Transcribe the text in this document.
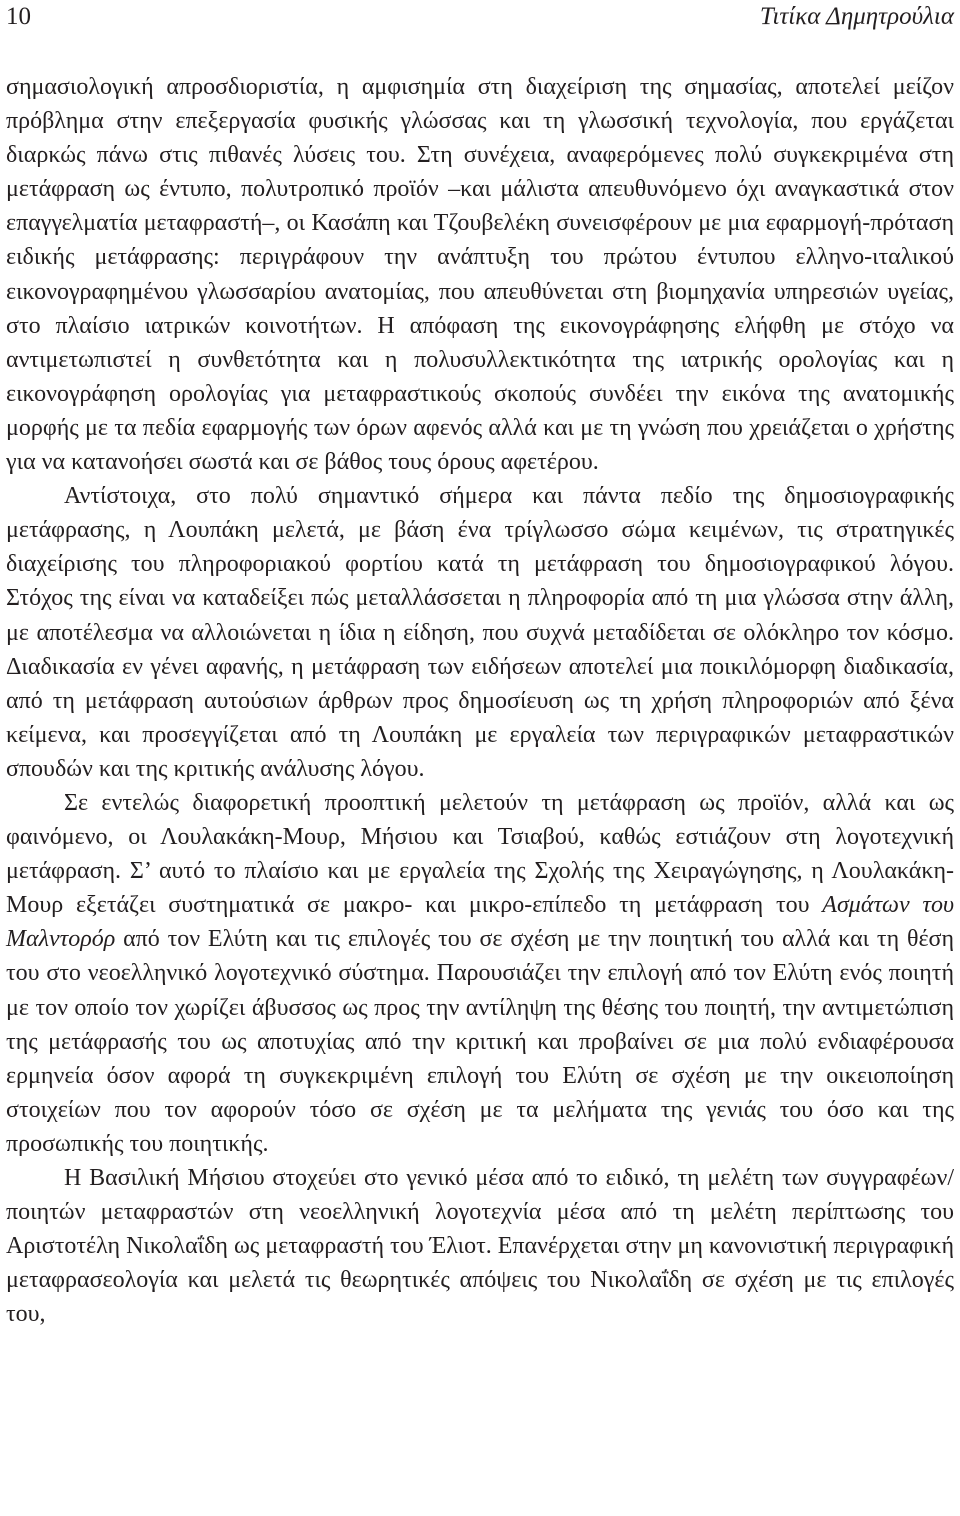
10	Τιτίκα Δημητρούλια

σημασιολογική απροσδιοριστία, η αμφισημία στη διαχείριση της σημασίας, αποτελεί μείζον πρόβλημα στην επεξεργασία φυσικής γλώσσας και τη γλωσσική τεχνολογία, που εργάζεται διαρκώς πάνω στις πιθανές λύσεις του. Στη συνέχεια, αναφερόμενες πολύ συγκεκριμένα στη μετάφραση ως έντυπο, πολυτροπικό προϊόν –και μάλιστα απευθυνόμενο όχι αναγκαστικά στον επαγγελματία μεταφραστή–, οι Κασάπη και Τζουβελέκη συνεισφέρουν με μια εφαρμογή-πρόταση ειδικής μετάφρασης: περιγράφουν την ανάπτυξη του πρώτου έντυπου ελληνο-ιταλικού εικονογραφημένου γλωσσαρίου ανατομίας, που απευθύνεται στη βιομηχανία υπηρεσιών υγείας, στο πλαίσιο ιατρικών κοινοτήτων. Η απόφαση της εικονογράφησης ελήφθη με στόχο να αντιμετωπιστεί η συνθετότητα και η πολυσυλλεκτικότητα της ιατρικής ορολογίας και η εικονογράφηση ορολογίας για μεταφραστικούς σκοπούς συνδέει την εικόνα της ανατομικής μορφής με τα πεδία εφαρμογής των όρων αφενός αλλά και με τη γνώση που χρειάζεται ο χρήστης για να κατανοήσει σωστά και σε βάθος τους όρους αφετέρου.

Αντίστοιχα, στο πολύ σημαντικό σήμερα και πάντα πεδίο της δημοσιογραφικής μετάφρασης, η Λουπάκη μελετά, με βάση ένα τρίγλωσσο σώμα κειμένων, τις στρατηγικές διαχείρισης του πληροφοριακού φορτίου κατά τη μετάφραση του δημοσιογραφικού λόγου. Στόχος της είναι να καταδείξει πώς μεταλλάσσεται η πληροφορία από τη μια γλώσσα στην άλλη, με αποτέλεσμα να αλλοιώνεται η ίδια η είδηση, που συχνά μεταδίδεται σε ολόκληρο τον κόσμο. Διαδικασία εν γένει αφανής, η μετάφραση των ειδήσεων αποτελεί μια ποικιλόμορφη διαδικασία, από τη μετάφραση αυτούσιων άρθρων προς δημοσίευση ως τη χρήση πληροφοριών από ξένα κείμενα, και προσεγγίζεται από τη Λουπάκη με εργαλεία των περιγραφικών μεταφραστικών σπουδών και της κριτικής ανάλυσης λόγου.

Σε εντελώς διαφορετική προοπτική μελετούν τη μετάφραση ως προϊόν, αλλά και ως φαινόμενο, οι Λουλακάκη-Μουρ, Μήσιου και Τσιαβού, καθώς εστιάζουν στη λογοτεχνική μετάφραση. Σ’ αυτό το πλαίσιο και με εργαλεία της Σχολής της Χειραγώγησης, η Λουλακάκη-Μουρ εξετάζει συστηματικά σε μακρο- και μικρο-επίπεδο τη μετάφραση του Ασμάτων του Μαλντορόρ από τον Ελύτη και τις επιλογές του σε σχέση με την ποιητική του αλλά και τη θέση του στο νεοελληνικό λογοτεχνικό σύστημα. Παρουσιάζει την επιλογή από τον Ελύτη ενός ποιητή με τον οποίο τον χωρίζει άβυσσος ως προς την αντίληψη της θέσης του ποιητή, την αντιμετώπιση της μετάφρασής του ως αποτυχίας από την κριτική και προβαίνει σε μια πολύ ενδιαφέρουσα ερμηνεία όσον αφορά τη συγκεκριμένη επιλογή του Ελύτη σε σχέση με την οικειοποίηση στοιχείων που τον αφορούν τόσο σε σχέση με τα μελήματα της γενιάς του όσο και της προσωπικής του ποιητικής.

Η Βασιλική Μήσιου στοχεύει στο γενικό μέσα από το ειδικό, τη μελέτη των συγγραφέων/ποιητών μεταφραστών στη νεοελληνική λογοτεχνία μέσα από τη μελέτη περίπτωσης του Αριστοτέλη Νικολαΐδη ως μεταφραστή του Έλιοτ. Επανέρχεται στην μη κανονιστική περιγραφική μεταφρασεολογία και μελετά τις θεωρητικές απόψεις του Νικολαΐδη σε σχέση με τις επιλογές του,
